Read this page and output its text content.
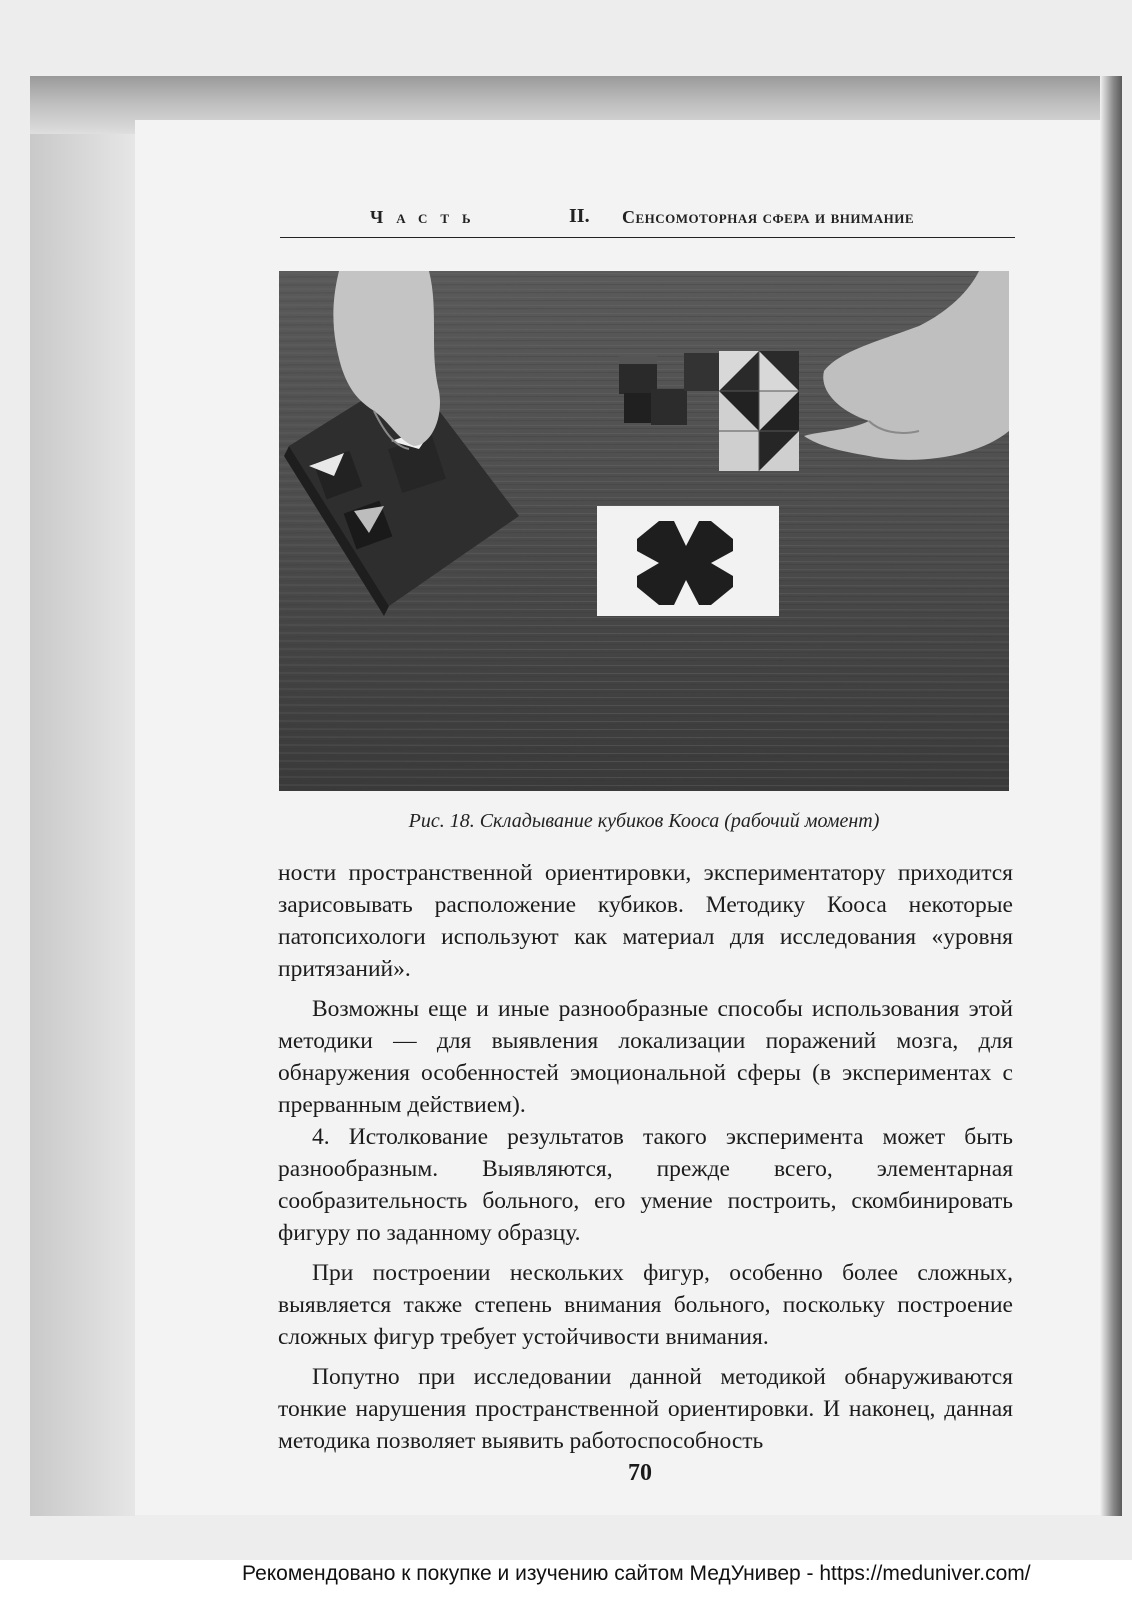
Часть	II. Сенсомоторная сфера и внимание
Рис. 18. Складывание кубиков Кооса (рабочий момент)

ности пространственной ориентировки, экспериментатору приходится зарисовывать расположение кубиков. Методику Кооса некоторые патопсихологи используют как материал для исследования «уровня притязаний».

Возможны еще и иные разнообразные способы использования этой методики — для выявления локализации поражений мозга, для обнаружения особенностей эмоциональной сферы (в экспериментах с прерванным действием).

4. Истолкование результатов такого эксперимента может быть разнообразным. Выявляются, прежде всего, элементарная сообразительность больного, его умение построить, скомбинировать фигуру по заданному образцу.

При построении нескольких фигур, особенно более сложных, выявляется также степень внимания больного, поскольку построение сложных фигур требует устойчивости внимания.

Попутно при исследовании данной методикой обнаруживаются тонкие нарушения пространственной ориентировки. И наконец, данная методика позволяет выявить работоспособность

70
Рекомендовано к покупке и изучению сайтом МедУнивер - https://meduniver.com/
